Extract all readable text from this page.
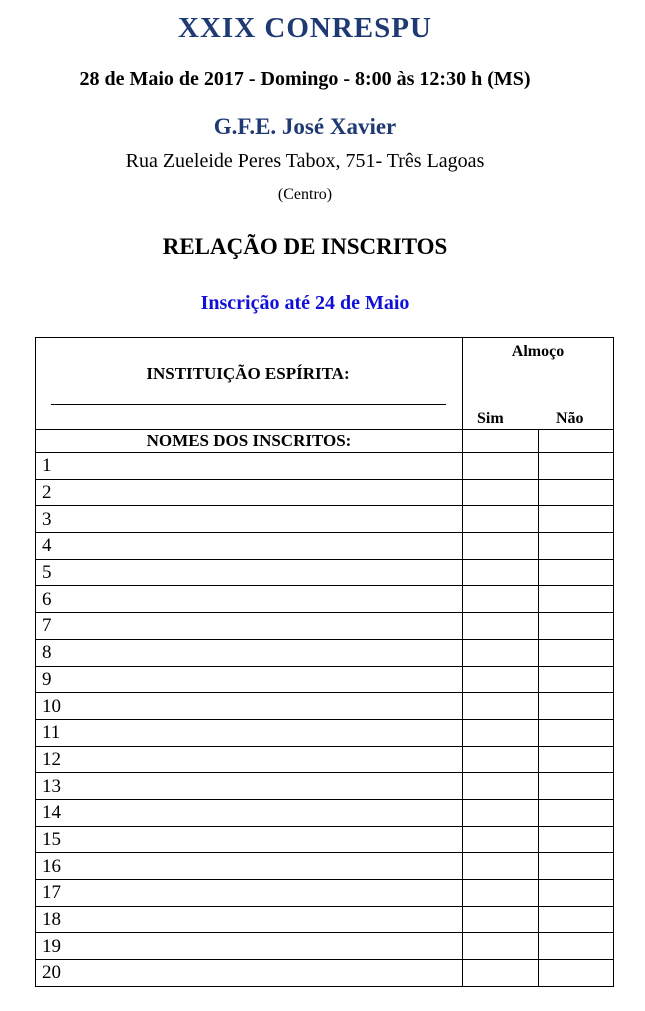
XXIX CONRESPU
28 de Maio de 2017 - Domingo - 8:00 às 12:30 h (MS)
G.F.E. José Xavier
Rua Zueleide Peres Tabox, 751- Três Lagoas
(Centro)
RELAÇÃO DE INSCRITOS
Inscrição até 24 de Maio
INSTITUIÇÃO ESPÍRITA:	Almoço
Sim Não	

NOMES DOS INSCRITOS:		
1		
2		
3		
4		
5		
6		
7		
8		
9		
10		
11		
12		
13		
14		
15		
16		
17		
18		
19		
20		
